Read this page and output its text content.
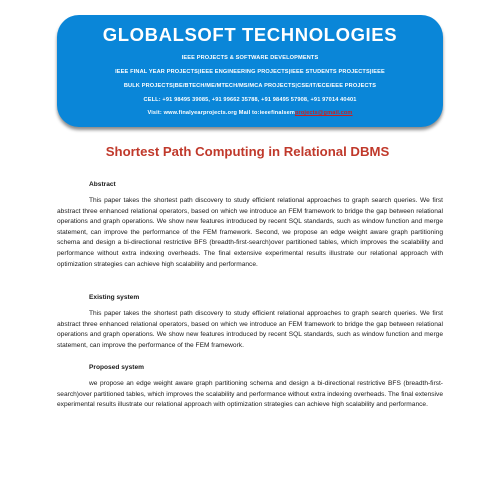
GLOBALSOFT TECHNOLOGIES
IEEE PROJECTS & SOFTWARE DEVELOPMENTS
IEEE FINAL YEAR PROJECTS|IEEE ENGINEERING PROJECTS|IEEE STUDENTS PROJECTS|IEEE
BULK PROJECTS|BE/BTECH/ME/MTECH/MS/MCA PROJECTS|CSE/IT/ECE/EEE PROJECTS
CELL: +91 98495 39085, +91 99662 35788, +91 98495 57908, +91 97014 40401
Visit: www.finalyearprojects.org Mail to:ieeefinalsemprojects@gmail.com
Shortest Path Computing in Relational DBMS
Abstract

This paper takes the shortest path discovery to study efficient relational approaches to graph search queries. We first abstract three enhanced relational operators, based on which we introduce an FEM framework to bridge the gap between relational operations and graph operations. We show new features introduced by recent SQL standards, such as window function and merge statement, can improve the performance of the FEM framework. Second, we propose an edge weight aware graph partitioning schema and design a bi-directional restrictive BFS (breadth-first-search)over partitioned tables, which improves the scalability and performance without extra indexing overheads. The final extensive experimental results illustrate our relational approach with optimization strategies can achieve high scalability and performance.

Existing system

This paper takes the shortest path discovery to study efficient relational approaches to graph search queries. We first abstract three enhanced relational operators, based on which we introduce an FEM framework to bridge the gap between relational operations and graph operations. We show new features introduced by recent SQL standards, such as window function and merge statement, can improve the performance of the FEM framework.

Proposed system

we propose an edge weight aware graph partitioning schema and design a bi-directional restrictive BFS (breadth-first-search)over partitioned tables, which improves the scalability and performance without extra indexing overheads. The final extensive experimental results illustrate our relational approach with optimization strategies can achieve high scalability and performance.
